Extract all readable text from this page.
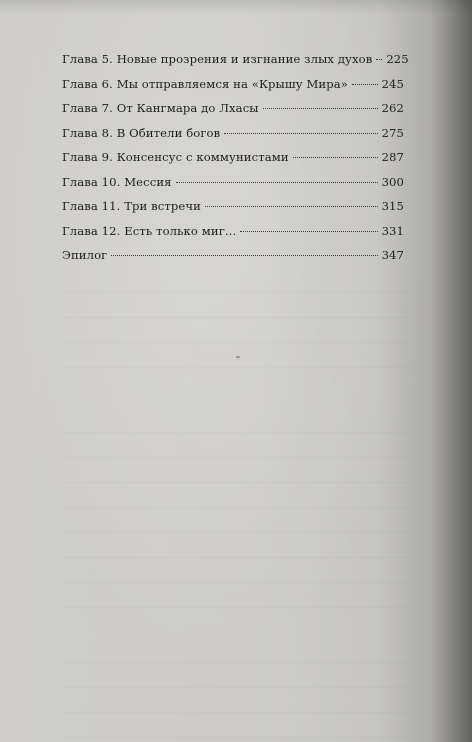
Глава 5. Новые прозрения и изгнание злых духов 225
Глава 6. Мы отправляемся на «Крышу Мира»	245
Глава 7. От Кангмара до Лхасы	262
Глава 8. В Обители богов	275
Глава 9. Консенсус с коммунистами	287
Глава 10. Мессия	300
Глава 11. Три встречи	315
Глава 12. Есть только миг...	331
Эпилог	347
